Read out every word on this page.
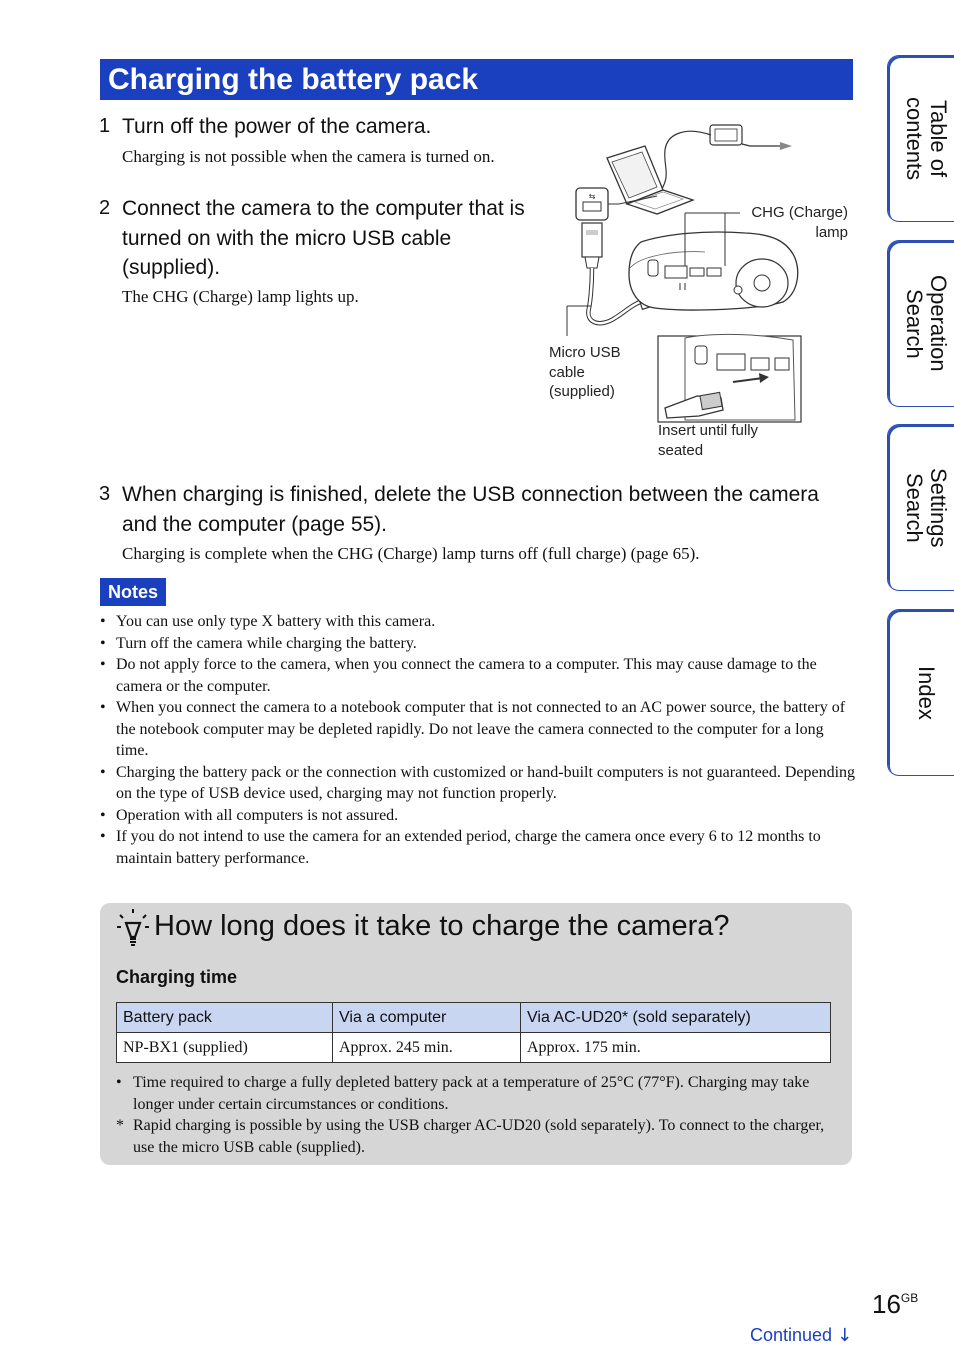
Charging the battery pack
1 Turn off the power of the camera.
Charging is not possible when the camera is turned on.
2 Connect the camera to the computer that is turned on with the micro USB cable (supplied).
The CHG (Charge) lamp lights up.
⇆
CHG (Charge)
lamp
Micro USB
cable
(supplied)
Insert until fully
seated
3 When charging is finished, delete the USB connection between the camera and the computer (page 55).
Charging is complete when the CHG (Charge) lamp turns off (full charge) (page 65).
Notes
• You can use only type X battery with this camera.
• Turn off the camera while charging the battery.
• Do not apply force to the camera, when you connect the camera to a computer. This may cause damage to the camera or the computer.
• When you connect the camera to a notebook computer that is not connected to an AC power source, the battery of the notebook computer may be depleted rapidly. Do not leave the camera connected to the computer for a long time.
• Charging the battery pack or the connection with customized or hand-built computers is not guaranteed. Depending on the type of USB device used, charging may not function properly.
• Operation with all computers is not assured.
• If you do not intend to use the camera for an extended period, charge the camera once every 6 to 12 months to maintain battery performance.
How long does it take to charge the camera?
Charging time
Battery pack	Via a computer	Via AC-UD20* (sold separately)
NP-BX1 (supplied)	Approx. 245 min.	Approx. 175 min.
• Time required to charge a fully depleted battery pack at a temperature of 25°C (77°F). Charging may take longer under certain circumstances or conditions.
* Rapid charging is possible by using the USB charger AC-UD20 (sold separately). To connect to the charger, use the micro USB cable (supplied).
Table of
contents
Operation
Search
Settings
Search
Index
$16^{GB}$
Continued ↓
